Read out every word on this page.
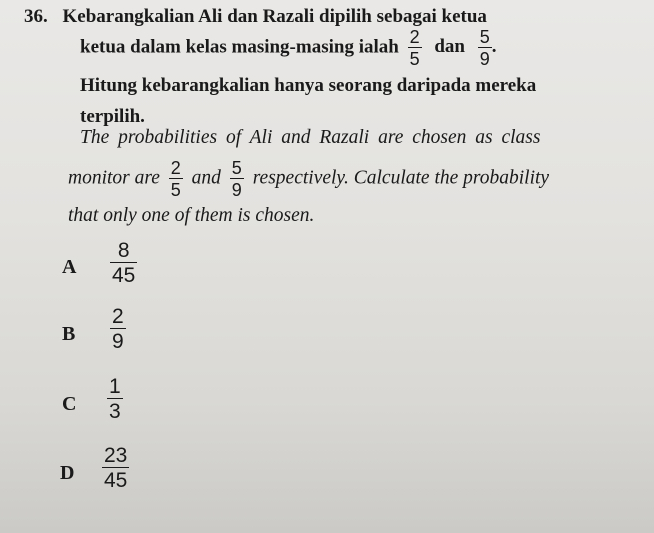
36. Kebarangkalian Ali dan Razali dipilih sebagai ketua
ketua dalam kelas masing-masing ialah $\frac{2}{5}$ dan $\frac{5}{9}$ .
Hitung kebarangkalian hanya seorang daripada mereka
terpilih.
The probabilities of Ali and Razali are chosen as class
monitor are $\frac{2}{5}$ and $\frac{5}{9}$ respectively. Calculate the probability
that only one of them is chosen.
A $\frac{8}{45}$
B $\frac{2}{9}$
C $\frac{1}{3}$
D $\frac{23}{45}$
